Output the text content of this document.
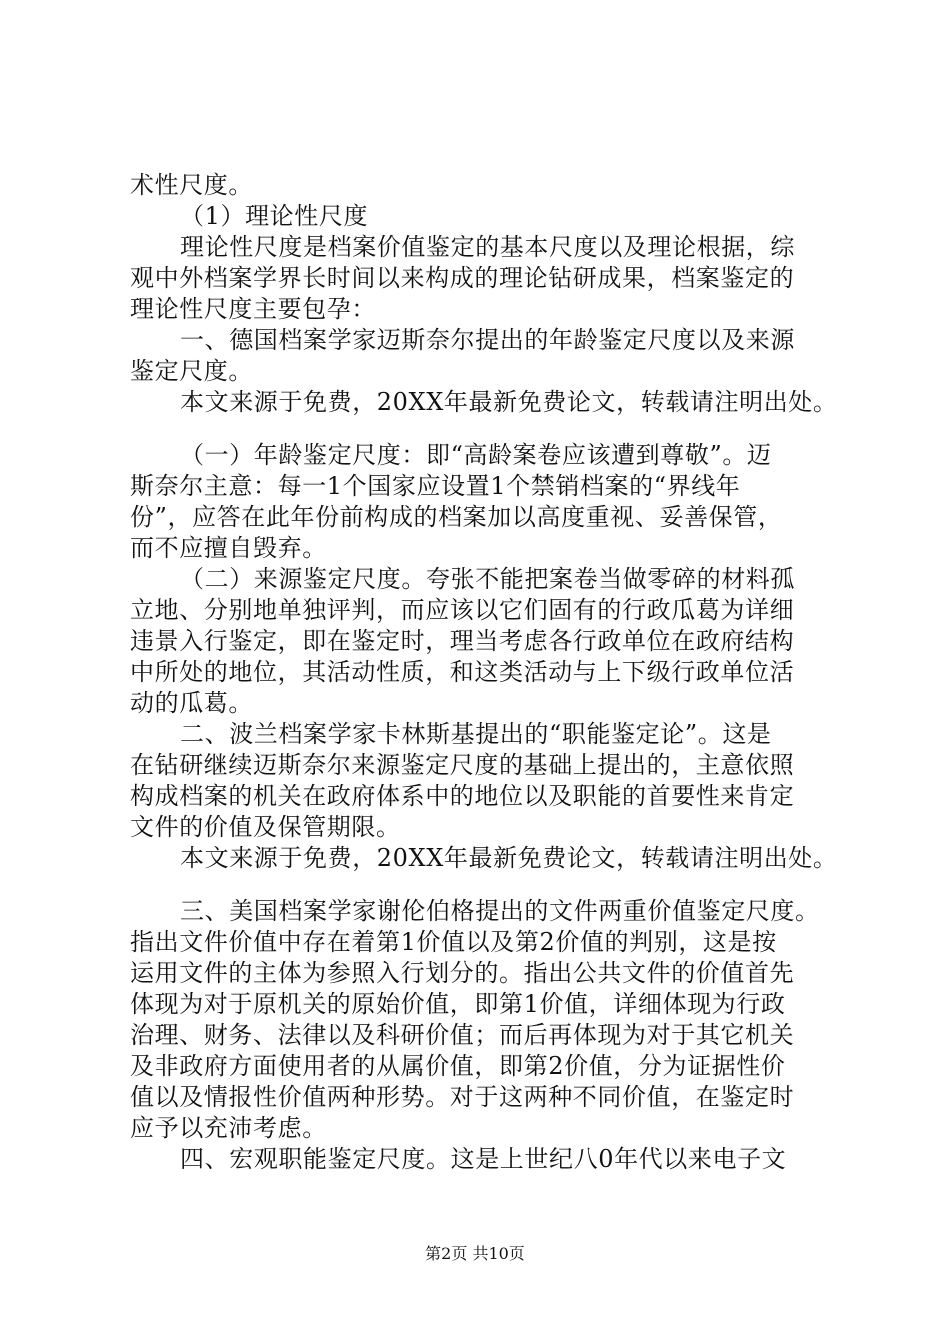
术性尺度。
（1）理论性尺度
理论性尺度是档案价值鉴定的基本尺度以及理论根据，综
观中外档案学界长时间以来构成的理论钻研成果，档案鉴定的
理论性尺度主要包孕：
一、德国档案学家迈斯奈尔提出的年龄鉴定尺度以及来源
鉴定尺度。
本文来源于免费，20XX年最新免费论文，转载请注明出处。
（一）年龄鉴定尺度：即“高龄案卷应该遭到尊敬”。迈
斯奈尔主意：每一1个国家应设置1个禁销档案的“界线年
份”，应答在此年份前构成的档案加以高度重视、妥善保管，
而不应擅自毁弃。
（二）来源鉴定尺度。夸张不能把案卷当做零碎的材料孤
立地、分别地单独评判，而应该以它们固有的行政瓜葛为详细
违景入行鉴定，即在鉴定时，理当考虑各行政单位在政府结构
中所处的地位，其活动性质，和这类活动与上下级行政单位活
动的瓜葛。
二、波兰档案学家卡林斯基提出的“职能鉴定论”。这是
在钻研继续迈斯奈尔来源鉴定尺度的基础上提出的，主意依照
构成档案的机关在政府体系中的地位以及职能的首要性来肯定
文件的价值及保管期限。
本文来源于免费，20XX年最新免费论文，转载请注明出处。
三、美国档案学家谢伦伯格提出的文件两重价值鉴定尺度。
指出文件价值中存在着第1价值以及第2价值的判别，这是按
运用文件的主体为参照入行划分的。指出公共文件的价值首先
体现为对于原机关的原始价值，即第1价值，详细体现为行政
治理、财务、法律以及科研价值；而后再体现为对于其它机关
及非政府方面使用者的从属价值，即第2价值，分为证据性价
值以及情报性价值两种形势。对于这两种不同价值，在鉴定时
应予以充沛考虑。
四、宏观职能鉴定尺度。这是上世纪八0年代以来电子文
第2页 共10页
